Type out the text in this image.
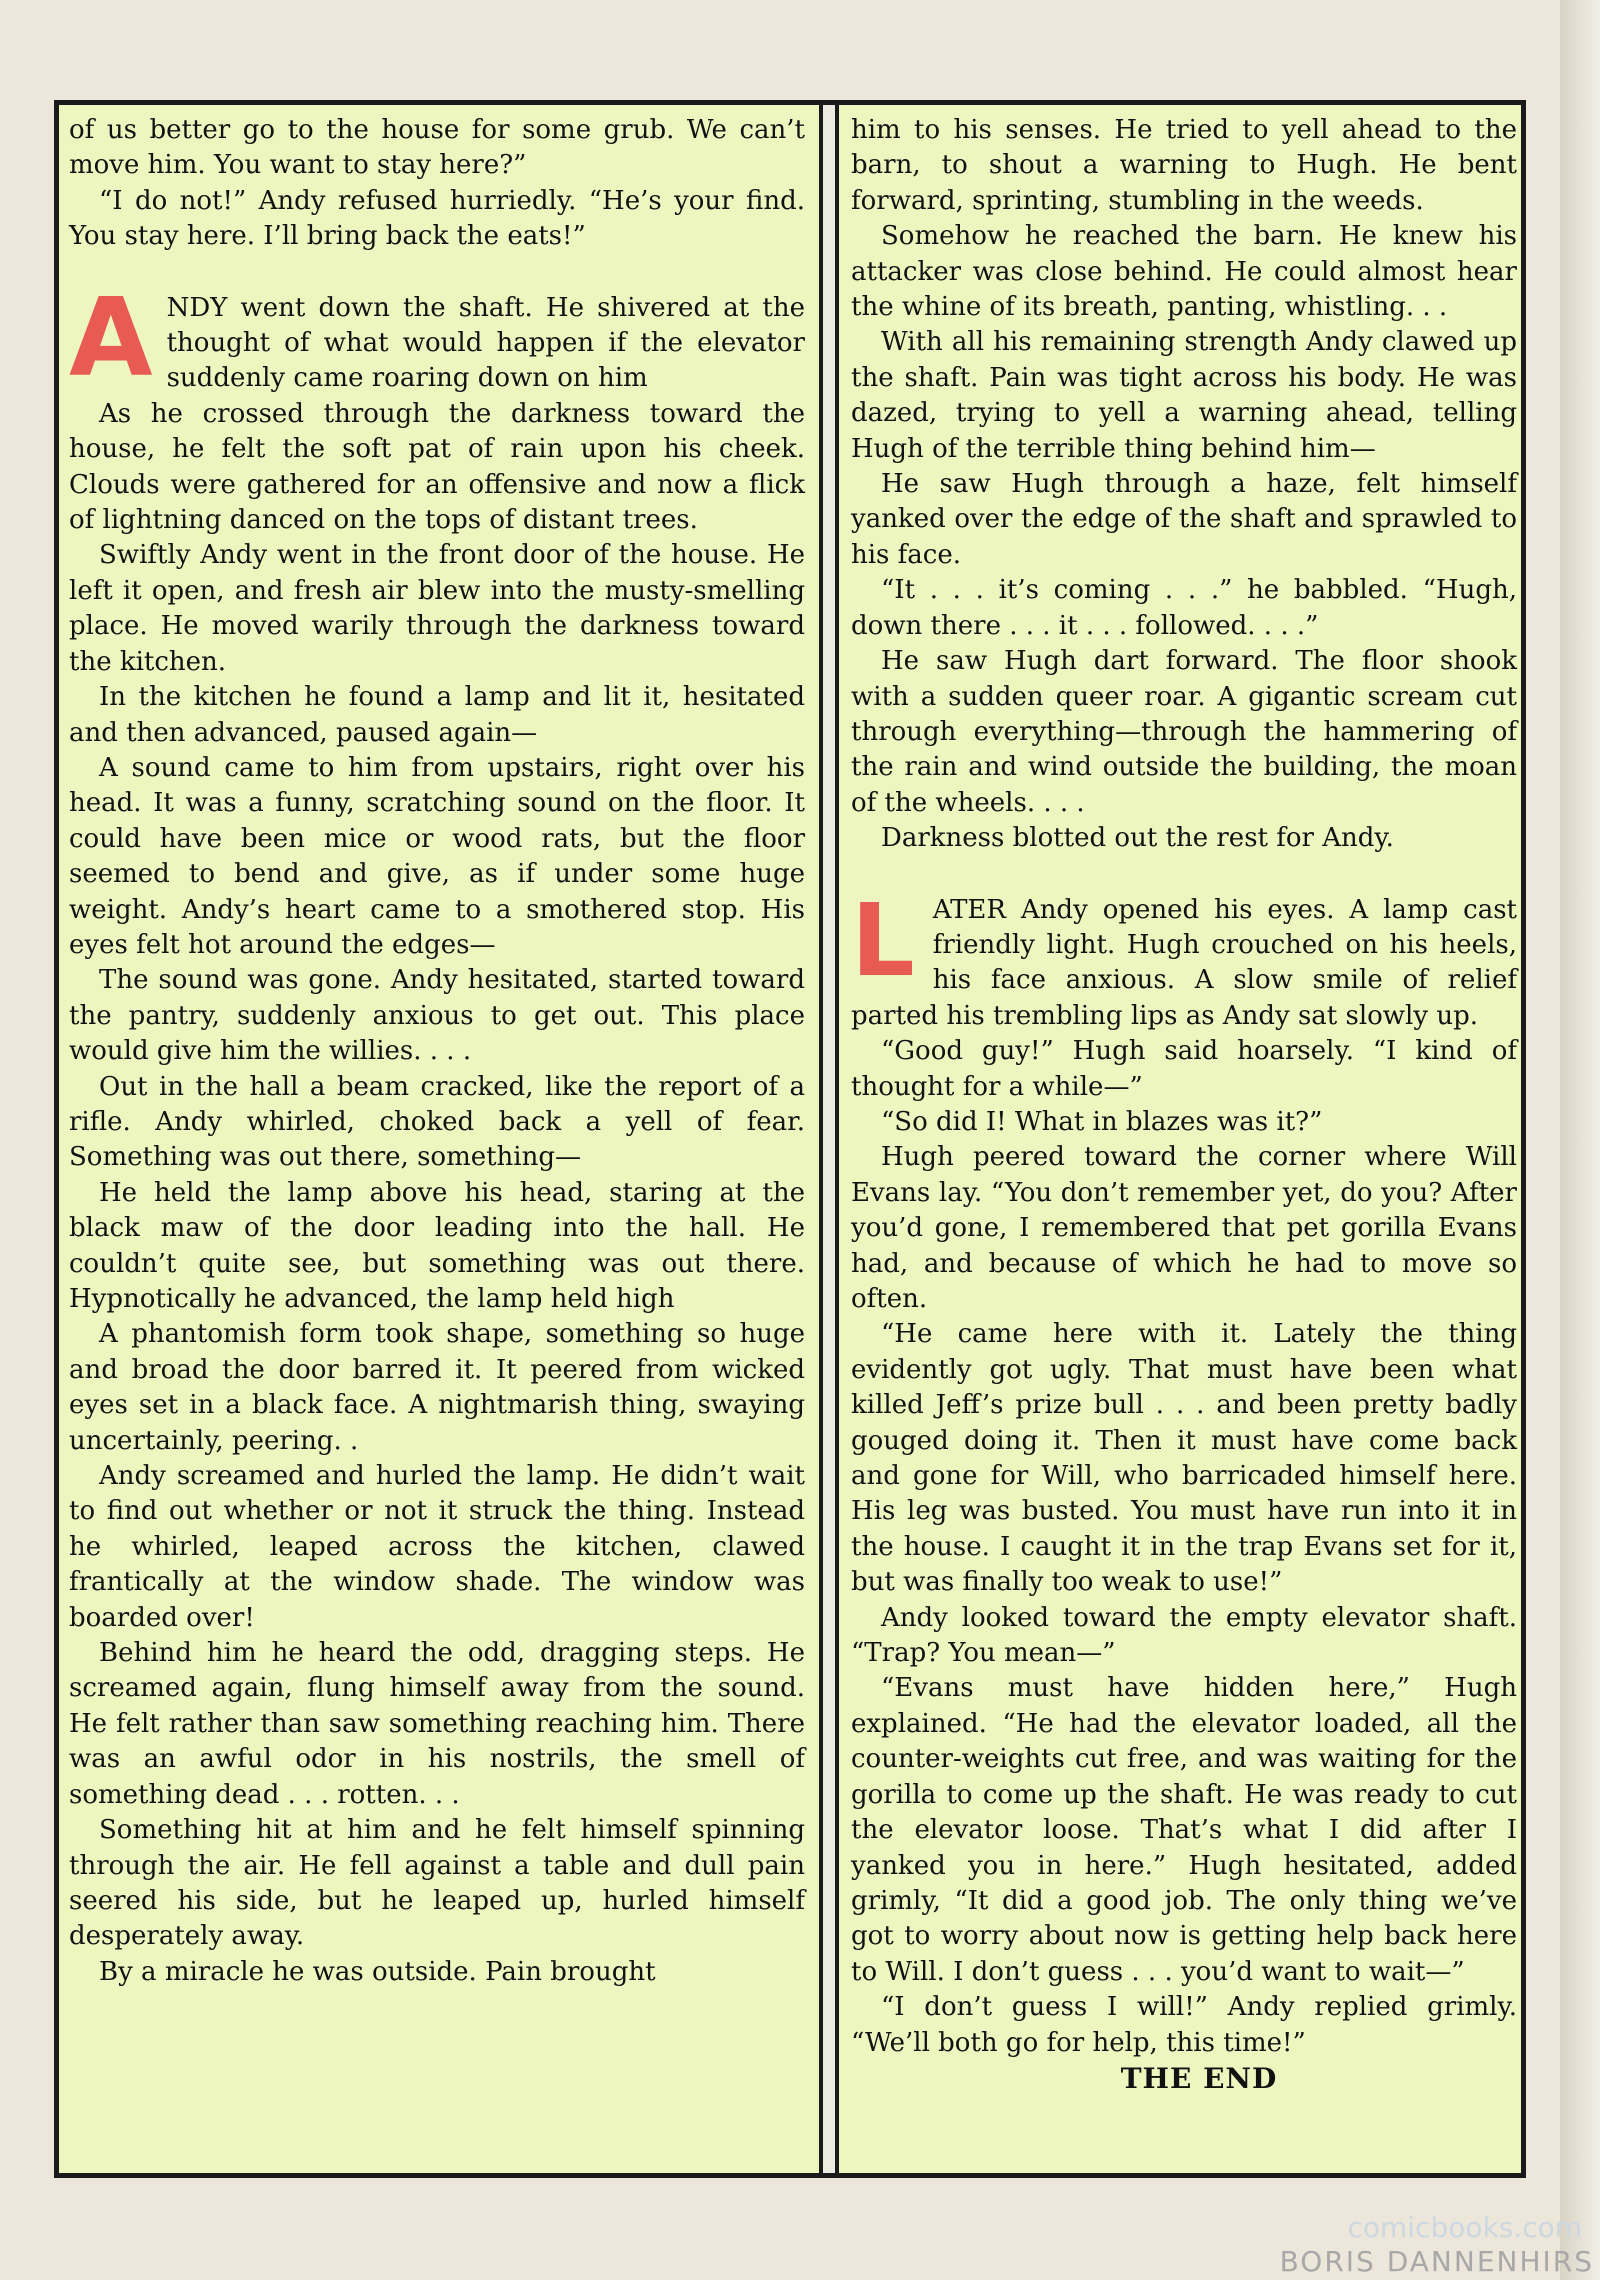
of us better go to the house for some grub. We can’t move him. You want to stay here?”

“I do not!” Andy refused hurriedly. “He’s your find. You stay here. I’ll bring back the eats!”

ANDY went down the shaft. He shivered at the thought of what would happen if the elevator suddenly came roaring down on him

As he crossed through the darkness toward the house, he felt the soft pat of rain upon his cheek. Clouds were gathered for an offensive and now a flick of lightning danced on the tops of distant trees.

Swiftly Andy went in the front door of the house. He left it open, and fresh air blew into the musty-smelling place. He moved warily through the darkness toward the kitchen.

In the kitchen he found a lamp and lit it, hesitated and then advanced, paused again—

A sound came to him from upstairs, right over his head. It was a funny, scratching sound on the floor. It could have been mice or wood rats, but the floor seemed to bend and give, as if under some huge weight. Andy’s heart came to a smothered stop. His eyes felt hot around the edges—

The sound was gone. Andy hesitated, started toward the pantry, suddenly anxious to get out. This place would give him the willies. . . .

Out in the hall a beam cracked, like the report of a rifle. Andy whirled, choked back a yell of fear. Something was out there, something—

He held the lamp above his head, staring at the black maw of the door leading into the hall. He couldn’t quite see, but something was out there. Hypnotically he advanced, the lamp held high

A phantomish form took shape, something so huge and broad the door barred it. It peered from wicked eyes set in a black face. A nightmarish thing, swaying uncertainly, peering. .

Andy screamed and hurled the lamp. He didn’t wait to find out whether or not it struck the thing. Instead he whirled, leaped across the kitchen, clawed frantically at the window shade. The window was boarded over!

Behind him he heard the odd, dragging steps. He screamed again, flung himself away from the sound. He felt rather than saw something reaching him. There was an awful odor in his nostrils, the smell of something dead . . . rotten. . .

Something hit at him and he felt himself spinning through the air. He fell against a table and dull pain seered his side, but he leaped up, hurled himself desperately away.

By a miracle he was outside. Pain brought

him to his senses. He tried to yell ahead to the barn, to shout a warning to Hugh. He bent forward, sprinting, stumbling in the weeds.

Somehow he reached the barn. He knew his attacker was close behind. He could almost hear the whine of its breath, panting, whistling. . .

With all his remaining strength Andy clawed up the shaft. Pain was tight across his body. He was dazed, trying to yell a warning ahead, telling Hugh of the terrible thing behind him—

He saw Hugh through a haze, felt himself yanked over the edge of the shaft and sprawled to his face.

“It . . . it’s coming . . .” he babbled. “Hugh, down there . . . it . . . followed. . . .”

He saw Hugh dart forward. The floor shook with a sudden queer roar. A gigantic scream cut through everything—through the hammering of the rain and wind outside the building, the moan of the wheels. . . .

Darkness blotted out the rest for Andy.

LATER Andy opened his eyes. A lamp cast friendly light. Hugh crouched on his heels, his face anxious. A slow smile of relief parted his trembling lips as Andy sat slowly up.

“Good guy!” Hugh said hoarsely. “I kind of thought for a while—”

“So did I! What in blazes was it?”

Hugh peered toward the corner where Will Evans lay. “You don’t remember yet, do you? After you’d gone, I remembered that pet gorilla Evans had, and because of which he had to move so often.

“He came here with it. Lately the thing evidently got ugly. That must have been what killed Jeff’s prize bull . . . and been pretty badly gouged doing it. Then it must have come back and gone for Will, who barricaded himself here. His leg was busted. You must have run into it in the house. I caught it in the trap Evans set for it, but was finally too weak to use!”

Andy looked toward the empty elevator shaft. “Trap? You mean—”

“Evans must have hidden here,” Hugh explained. “He had the elevator loaded, all the counter-weights cut free, and was waiting for the gorilla to come up the shaft. He was ready to cut the elevator loose. That’s what I did after I yanked you in here.” Hugh hesitated, added grimly, “It did a good job. The only thing we’ve got to worry about now is getting help back here to Will. I don’t guess . . . you’d want to wait—”

“I don’t guess I will!” Andy replied grimly. “We’ll both go for help, this time!”

THE END

comicbooks.com
BORIS DANNENHIRS
